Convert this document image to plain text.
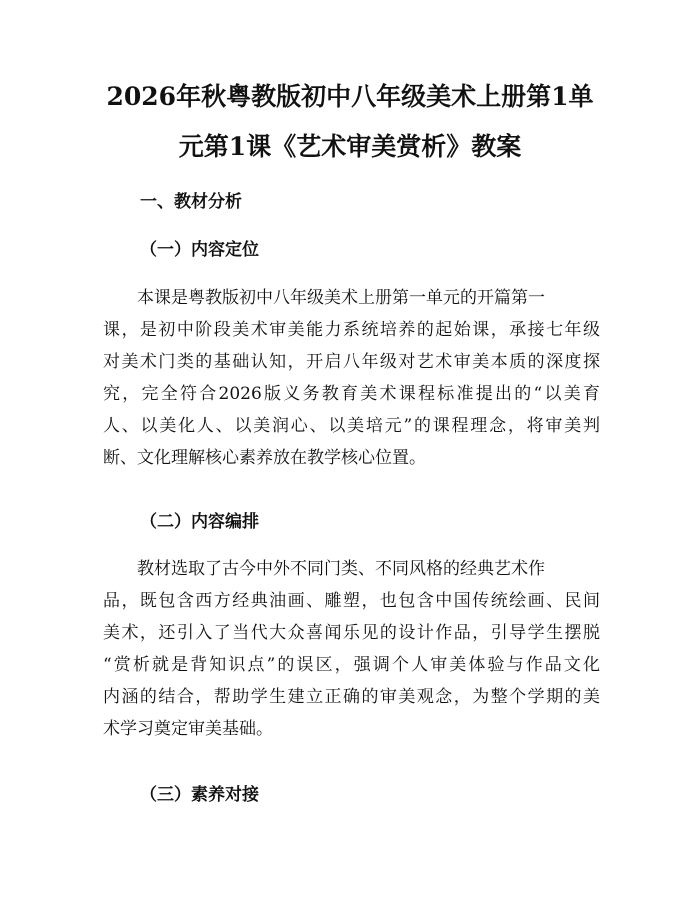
2026年秋粤教版初中八年级美术上册第1单
元第1课《艺术审美赏析》教案
一、教材分析
（一）内容定位
本课是粤教版初中八年级美术上册第一单元的开篇第一
课，是初中阶段美术审美能力系统培养的起始课，承接七年级
对美术门类的基础认知，开启八年级对艺术审美本质的深度探
究，完全符合2026版义务教育美术课程标准提出的“以美育
人、以美化人、以美润心、以美培元”的课程理念，将审美判
断、文化理解核心素养放在教学核心位置。
（二）内容编排
教材选取了古今中外不同门类、不同风格的经典艺术作
品，既包含西方经典油画、雕塑，也包含中国传统绘画、民间
美术，还引入了当代大众喜闻乐见的设计作品，引导学生摆脱
“赏析就是背知识点”的误区，强调个人审美体验与作品文化
内涵的结合，帮助学生建立正确的审美观念，为整个学期的美
术学习奠定审美基础。
（三）素养对接
